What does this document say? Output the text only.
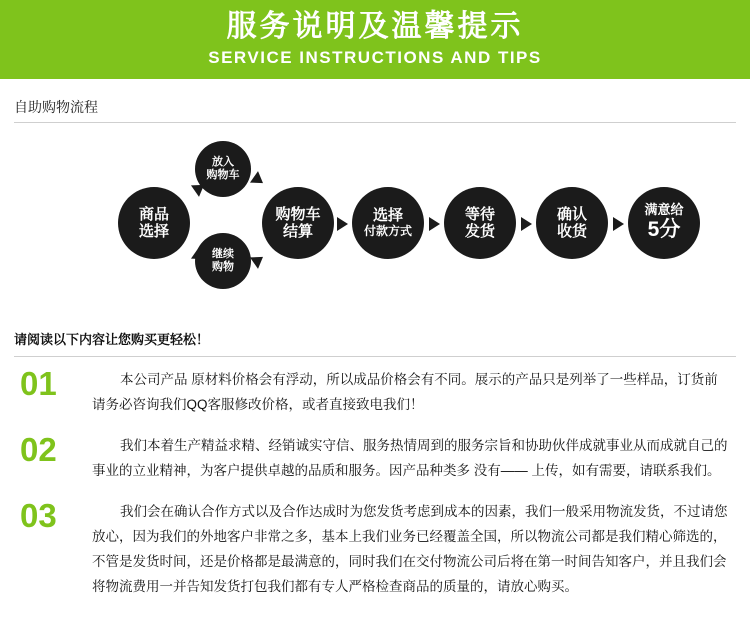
服务说明及温馨提示
SERVICE INSTRUCTIONS AND TIPS
自助购物流程
商品
选择
放入
购物车
继续
购物
购物车
结算
选择
付款方式
等待
发货
确认
收货
满意给
5分
请阅读以下内容让您购买更轻松！
01	本公司产品 原材料价格会有浮动，所以成品价格会有不同。展示的产品只是列举了一些样品，订货前请务必咨询我们QQ客服修改价格，或者直接致电我们！
02	我们本着生产精益求精、经销诚实守信、服务热情周到的服务宗旨和协助伙伴成就事业从而成就自己的事业的立业精神，为客户提供卓越的品质和服务。因产品种类多 没有—— 上传，如有需要，请联系我们。
03	我们会在确认合作方式以及合作达成时为您发货考虑到成本的因素，我们一般采用物流发货，不过请您放心，因为我们的外地客户非常之多，基本上我们业务已经覆盖全国，所以物流公司都是我们精心筛选的，不管是发货时间，还是价格都是最满意的，同时我们在交付物流公司后将在第一时间告知客户，并且我们会将物流费用一并告知发货打包我们都有专人严格检查商品的质量的，请放心购买。
